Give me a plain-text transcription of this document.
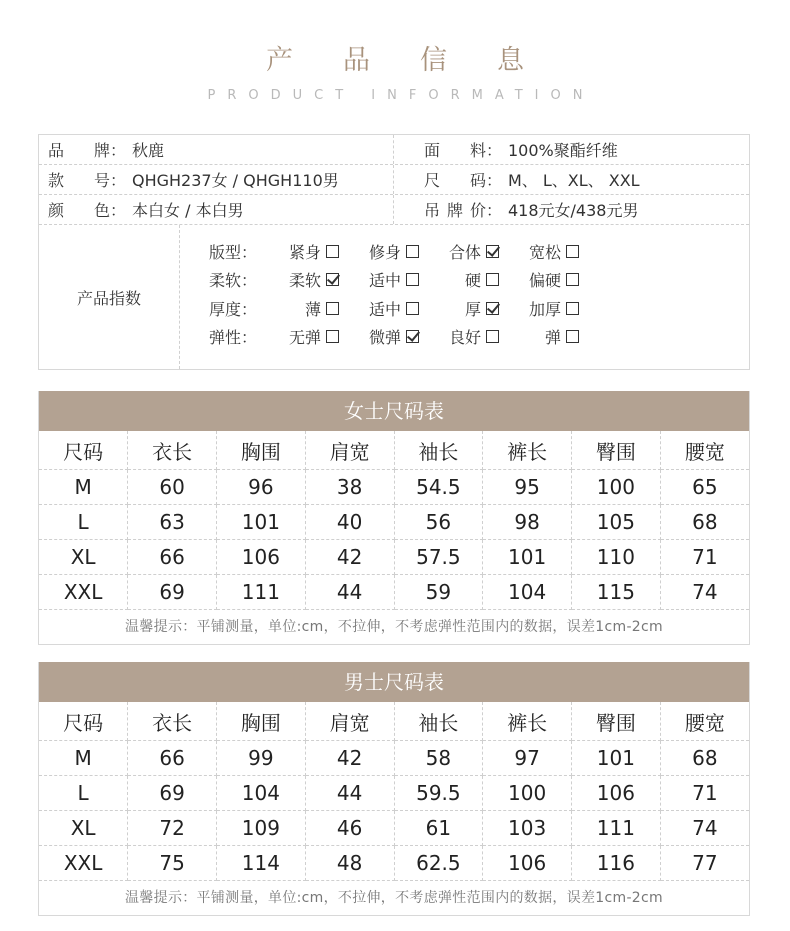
产品信息
PRODUCT INFORMATION
品 牌： 秋鹿	面 料： 100%聚酯纤维
款 号： QHGH237女 / QHGH110男	尺 码： M、 L、XL、 XXL
颜 色： 本白女 / 本白男	吊 牌 价： 418元女/438元男
产品指数
版型：	紧身	修身	合体	宽松
柔软：	柔软	适中	硬	偏硬
厚度：	薄	适中	厚	加厚
弹性：	无弹	微弹	良好	弹
女士尺码表
尺码	衣长	胸围	肩宽	袖长	裤长	臀围	腰宽
M	60	96	38	54.5	95	100	65
L	63	101	40	56	98	105	68
XL	66	106	42	57.5	101	110	71
XXL	69	111	44	59	104	115	74
温馨提示：平铺测量，单位:cm，不拉伸，不考虑弹性范围内的数据，误差1cm-2cm
男士尺码表
尺码	衣长	胸围	肩宽	袖长	裤长	臀围	腰宽
M	66	99	42	58	97	101	68
L	69	104	44	59.5	100	106	71
XL	72	109	46	61	103	111	74
XXL	75	114	48	62.5	106	116	77
温馨提示：平铺测量，单位:cm，不拉伸，不考虑弹性范围内的数据，误差1cm-2cm
